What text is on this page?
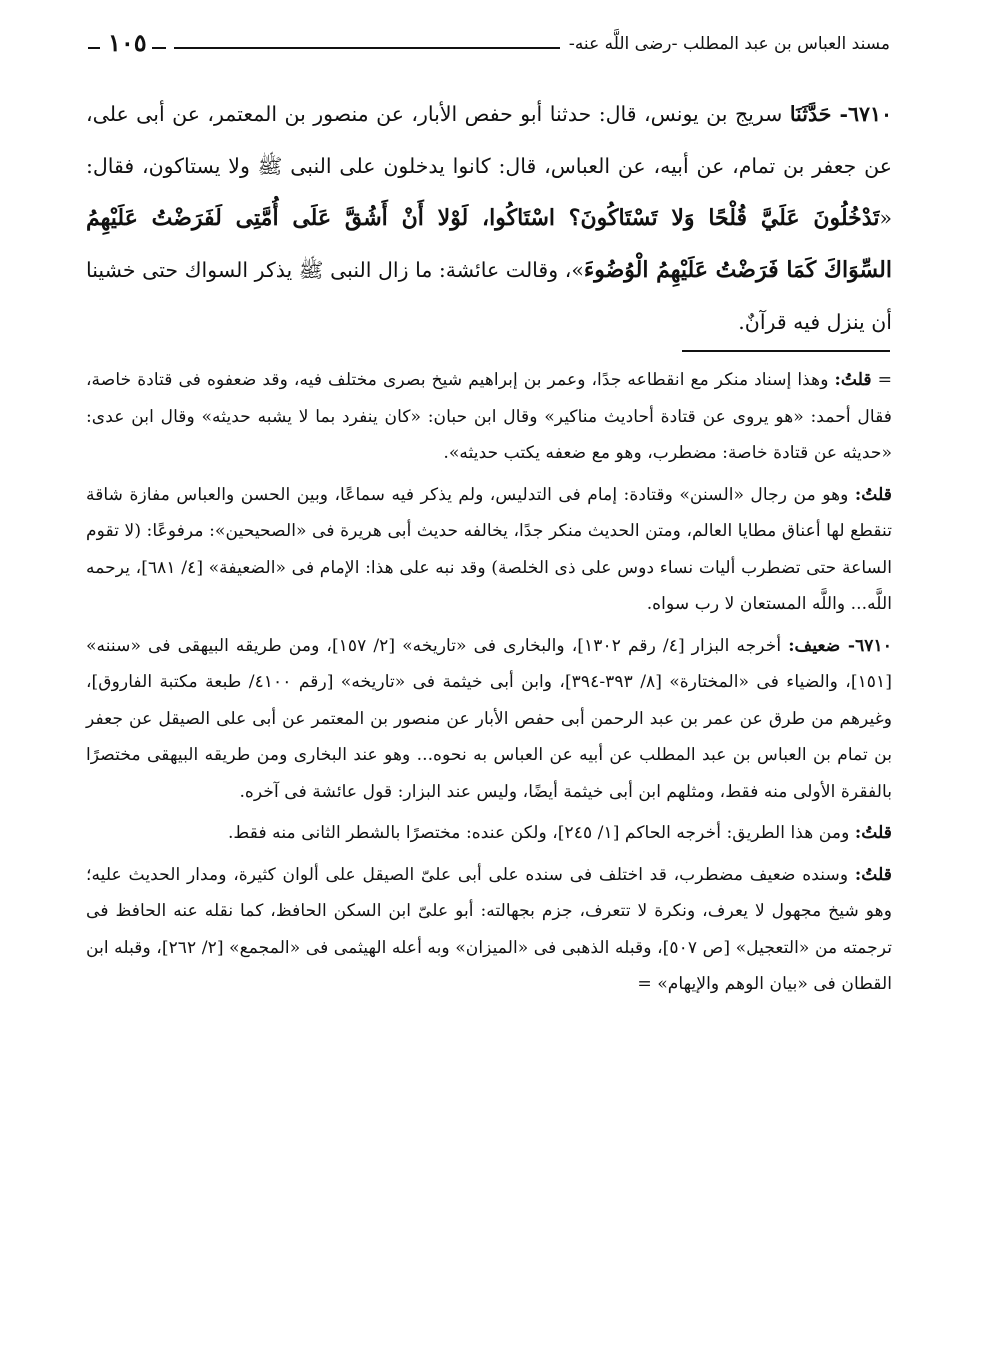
مسند العباس بن عبد المطلب -رضى اللَّه عنه-
١٠٥
٦٧١٠- حَدَّثَنَا سريج بن يونس، قال: حدثنا أبو حفص الأبار، عن منصور بن المعتمر، عن أبى على، عن جعفر بن تمام، عن أبيه، عن العباس، قال: كانوا يدخلون على النبى ﷺ ولا يستاكون، فقال: «تَدْخُلُونَ عَلَيَّ قُلْحًا وَلا تَسْتَاكُونَ؟ اسْتَاكُوا، لَوْلا أَنْ أَشُقَّ عَلَى أُمَّتِى لَفَرَضْتُ عَلَيْهِمُ السِّوَاكَ كَمَا فَرَضْتُ عَلَيْهِمُ الْوُضُوءَ»، وقالت عائشة: ما زال النبى ﷺ يذكر السواك حتى خشينا أن ينزل فيه قرآنٌ.

= قلتُ: وهذا إسناد منكر مع انقطاعه جدًا، وعمر بن إبراهيم شيخ بصرى مختلف فيه، وقد ضعفوه فى قتادة خاصة، فقال أحمد: «هو يروى عن قتادة أحاديث مناكير» وقال ابن حبان: «كان ينفرد بما لا يشبه حديثه» وقال ابن عدى: «حديثه عن قتادة خاصة: مضطرب، وهو مع ضعفه يكتب حديثه».

قلتُ: وهو من رجال «السنن» وقتادة: إمام فى التدليس، ولم يذكر فيه سماعًا، وبين الحسن والعباس مفازة شاقة تنقطع لها أعناق مطايا العالم، ومتن الحديث منكر جدًا، يخالفه حديث أبى هريرة فى «الصحيحين»: مرفوعًا: (لا تقوم الساعة حتى تضطرب أليات نساء دوس على ذى الخلصة) وقد نبه على هذا: الإمام فى «الضعيفة» [٤/ ٦٨١]، يرحمه اللَّه... واللَّه المستعان لا رب سواه.

٦٧١٠- ضعيف: أخرجه البزار [٤/ رقم ١٣٠٢]، والبخارى فى «تاريخه» [٢/ ١٥٧]، ومن طريقه البيهقى فى «سننه» [١٥١]، والضياء فى «المختارة» [٨/ ٣٩٣-٣٩٤]، وابن أبى خيثمة فى «تاريخه» [رقم ٤١٠٠/ طبعة مكتبة الفاروق]، وغيرهم من طرق عن عمر بن عبد الرحمن أبى حفص الأبار عن منصور بن المعتمر عن أبى على الصيقل عن جعفر بن تمام بن العباس بن عبد المطلب عن أبيه عن العباس به نحوه... وهو عند البخارى ومن طريقه البيهقى مختصرًا بالفقرة الأولى منه فقط، ومثلهم ابن أبى خيثمة أيضًا، وليس عند البزار: قول عائشة فى آخره.

قلتُ: ومن هذا الطريق: أخرجه الحاكم [١/ ٢٤٥]، ولكن عنده: مختصرًا بالشطر الثانى منه فقط.

قلتُ: وسنده ضعيف مضطرب، قد اختلف فى سنده على أبى علىّ الصيقل على ألوان كثيرة، ومدار الحديث عليه؛ وهو شيخ مجهول لا يعرف، ونكرة لا تتعرف، جزم بجهالته: أبو علىّ ابن السكن الحافظ، كما نقله عنه الحافظ فى ترجمته من «التعجيل» [ص ٥٠٧]، وقبله الذهبى فى «الميزان» وبه أعله الهيثمى فى «المجمع» [٢/ ٢٦٢]، وقبله ابن القطان فى «بيان الوهم والإيهام» =
